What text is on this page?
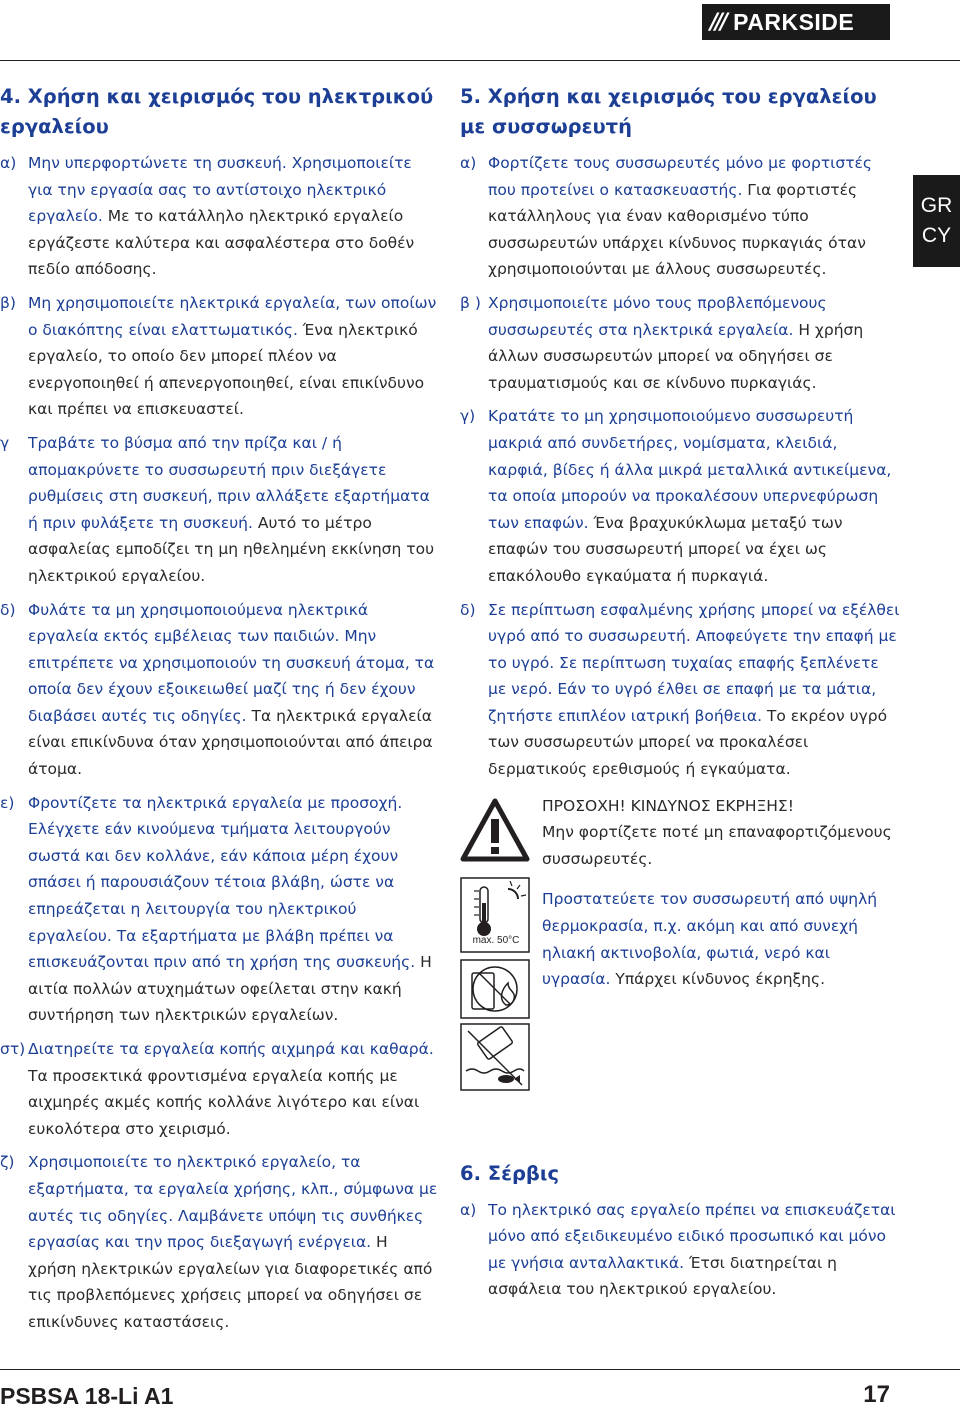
/// PARKSIDE
GR
CY
4. Χρήση και χειρισμός του ηλεκτρικού εργαλείου
α) Μην υπερφορτώνετε τη συσκευή. Χρησιμοποιείτε για την εργασία σας το αντίστοιχο ηλεκτρικό εργαλείο. Με το κατάλληλο ηλεκτρικό εργαλείο εργάζεστε καλύτερα και ασφαλέστερα στο δοθέν πεδίο απόδοσης.
β) Μη χρησιμοποιείτε ηλεκτρικά εργαλεία, των οποίων ο διακόπτης είναι ελαττωματικός. Ένα ηλεκτρικό εργαλείο, το οποίο δεν μπορεί πλέον να ενεργοποιηθεί ή απενεργοποιηθεί, είναι επικίνδυνο και πρέπει να επισκευαστεί.
γ	Τραβάτε το βύσμα από την πρίζα και / ή απομακρύνετε το συσσωρευτή πριν διεξάγετε ρυθμίσεις στη συσκευή, πριν αλλάξετε εξαρτήματα ή πριν φυλάξετε τη συσκευή. Αυτό το μέτρο ασφαλείας εμποδίζει τη μη ηθελημένη εκκίνηση του ηλεκτρικού εργαλείου.
δ) Φυλάτε τα μη χρησιμοποιούμενα ηλεκτρικά εργαλεία εκτός εμβέλειας των παιδιών. Μην επιτρέπετε να χρησιμοποιούν τη συσκευή άτομα, τα οποία δεν έχουν εξοικειωθεί μαζί της ή δεν έχουν διαβάσει αυτές τις οδηγίες. Τα ηλεκτρικά εργαλεία είναι επικίνδυνα όταν χρησιμοποιούνται από άπειρα άτομα.
ε) Φροντίζετε τα ηλεκτρικά εργαλεία με προσοχή. Ελέγχετε εάν κινούμενα τμήματα λειτουργούν σωστά και δεν κολλάνε, εάν κάποια μέρη έχουν σπάσει ή παρουσιάζουν τέτοια βλάβη, ώστε να επηρεάζεται η λειτουργία του ηλεκτρικού εργαλείου. Τα εξαρτήματα με βλάβη πρέπει να επισκευάζονται πριν από τη χρήση της συσκευής. Η αιτία πολλών ατυχημάτων οφείλεται στην κακή συντήρηση των ηλεκτρικών εργαλείων.
στ) Διατηρείτε τα εργαλεία κοπής αιχμηρά και καθαρά. Τα προσεκτικά φροντισμένα εργαλεία κοπής με αιχμηρές ακμές κοπής κολλάνε λιγότερο και είναι ευκολότερα στο χειρισμό.
ζ) Χρησιμοποιείτε το ηλεκτρικό εργαλείο, τα εξαρτήματα, τα εργαλεία χρήσης, κλπ., σύμφωνα με αυτές τις οδηγίες. Λαμβάνετε υπόψη τις συνθήκες εργασίας και την προς διεξαγωγή ενέργεια. Η χρήση ηλεκτρικών εργαλείων για διαφορετικές από τις προβλεπόμενες χρήσεις μπορεί να οδηγήσει σε επικίνδυνες καταστάσεις.
5. Χρήση και χειρισμός του εργαλείου με συσσωρευτή
α) Φορτίζετε τους συσσωρευτές μόνο με φορτιστές που προτείνει ο κατασκευαστής. Για φορτιστές κατάλληλους για έναν καθορισμένο τύπο συσσωρευτών υπάρχει κίνδυνος πυρκαγιάς όταν χρησιμοποιούνται με άλλους συσσωρευτές.
β ) Χρησιμοποιείτε μόνο τους προβλεπόμενους συσσωρευτές στα ηλεκτρικά εργαλεία. Η χρήση άλλων συσσωρευτών μπορεί να οδηγήσει σε τραυματισμούς και σε κίνδυνο πυρκαγιάς.
γ) Κρατάτε το μη χρησιμοποιούμενο συσσωρευτή μακριά από συνδετήρες, νομίσματα, κλειδιά, καρφιά, βίδες ή άλλα μικρά μεταλλικά αντικείμενα, τα οποία μπορούν να προκαλέσουν υπερνεφύρωση των επαφών. Ένα βραχυκύκλωμα μεταξύ των επαφών του συσσωρευτή μπορεί να έχει ως επακόλουθο εγκαύματα ή πυρκαγιά.
δ) Σε περίπτωση εσφαλμένης χρήσης μπορεί να εξέλθει υγρό από το συσσωρευτή. Αποφεύγετε την επαφή με το υγρό. Σε περίπτωση τυχαίας επαφής ξεπλένετε με νερό. Εάν το υγρό έλθει σε επαφή με τα μάτια, ζητήστε επιπλέον ιατρική βοήθεια. Το εκρέον υγρό των συσσωρευτών μπορεί να προκαλέσει δερματικούς ερεθισμούς ή εγκαύματα.
max. 50°C

ΠΡΟΣΟΧΗ! ΚΙΝΔΥΝΟΣ ΕΚΡΗΞΗΣ!
Μην φορτίζετε ποτέ μη επαναφορτιζόμενους συσσωρευτές.

Προστατεύετε τον συσσωρευτή από υψηλή θερμοκρασία, π.χ. ακόμη και από συνεχή ηλιακή ακτινοβολία, φωτιά, νερό και υγρασία. Υπάρχει κίνδυνος έκρηξης.

6. Σέρβις
α) Το ηλεκτρικό σας εργαλείο πρέπει να επισκευάζεται μόνο από εξειδικευμένο ειδικό προσωπικό και μόνο με γνήσια ανταλλακτικά. Έτσι διατηρείται η ασφάλεια του ηλεκτρικού εργαλείου.
PSBSA 18-Li A1	17
